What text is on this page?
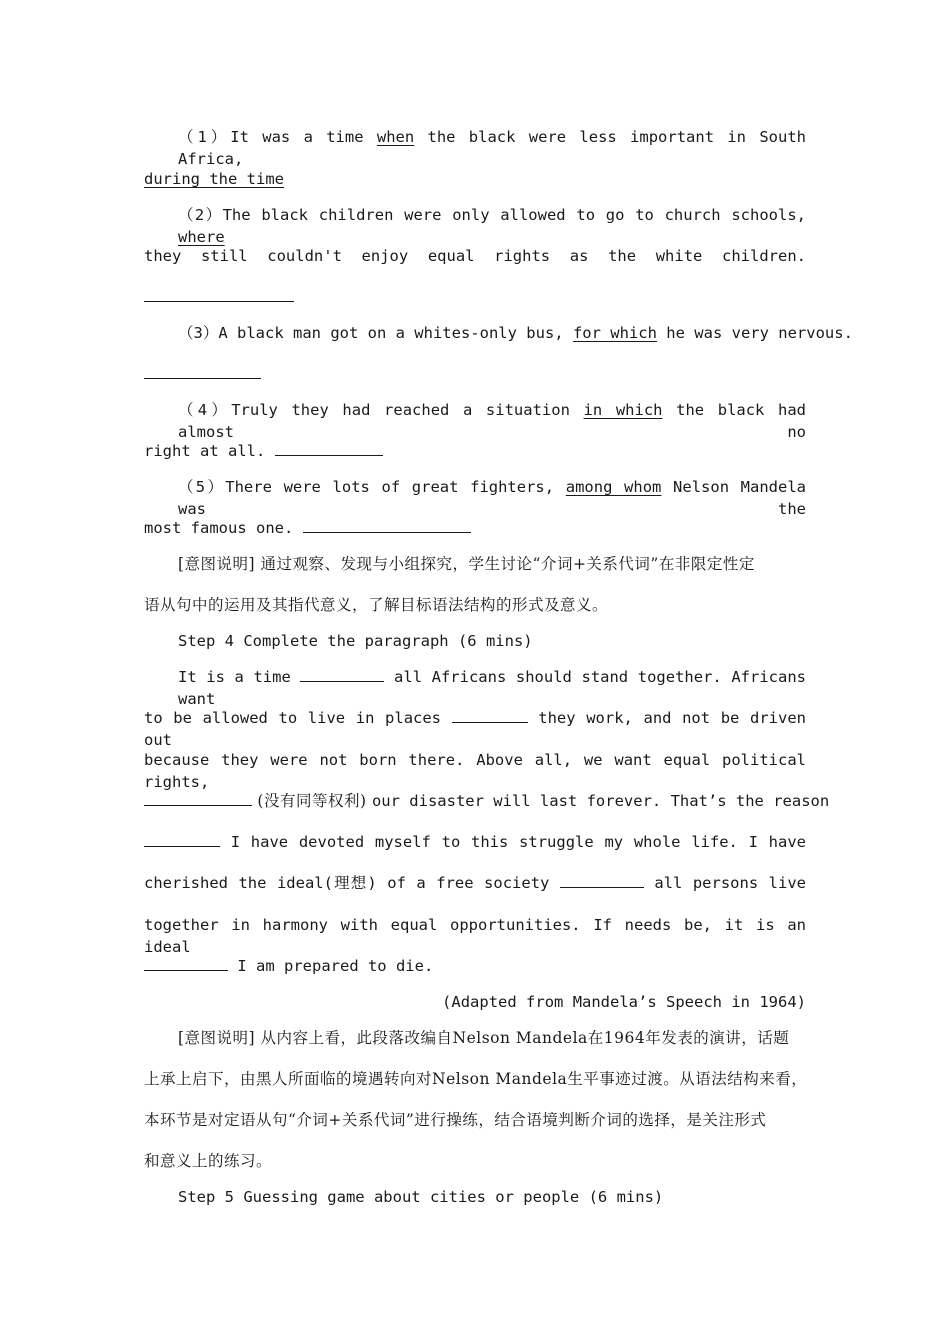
（1）It was a time when the black were less important in South Africa,
during the time
（2）The black children were only allowed to go to church schools, where
they still couldn't enjoy equal rights as the white children.
（3）A black man got on a whites-only bus, for which he was very nervous.
（4）Truly they had reached a situation in which the black had almost no
right at all.
（5）There were lots of great fighters, among whom Nelson Mandela was the
most famous one.
[意图说明] 通过观察、发现与小组探究，学生讨论“介词+关系代词”在非限定性定
语从句中的运用及其指代意义，了解目标语法结构的形式及意义。
Step 4 Complete the paragraph (6 mins)
It is a time	all Africans should stand together. Africans want
to be allowed to live in places	they work, and not be driven out
because they were not born there. Above all, we want equal political rights,
(没有同等权利) our disaster will last forever. That’s the reason
I have devoted myself to this struggle my whole life. I have
cherished the ideal(理想) of a free society	all persons live
together in harmony with equal opportunities. If needs be, it is an ideal
I am prepared to die.
(Adapted from Mandela’s Speech in 1964)
[意图说明] 从内容上看，此段落改编自Nelson Mandela在1964年发表的演讲，话题
上承上启下，由黑人所面临的境遇转向对Nelson Mandela生平事迹过渡。从语法结构来看，
本环节是对定语从句“介词+关系代词”进行操练，结合语境判断介词的选择，是关注形式
和意义上的练习。
Step 5 Guessing game about cities or people (6 mins)
